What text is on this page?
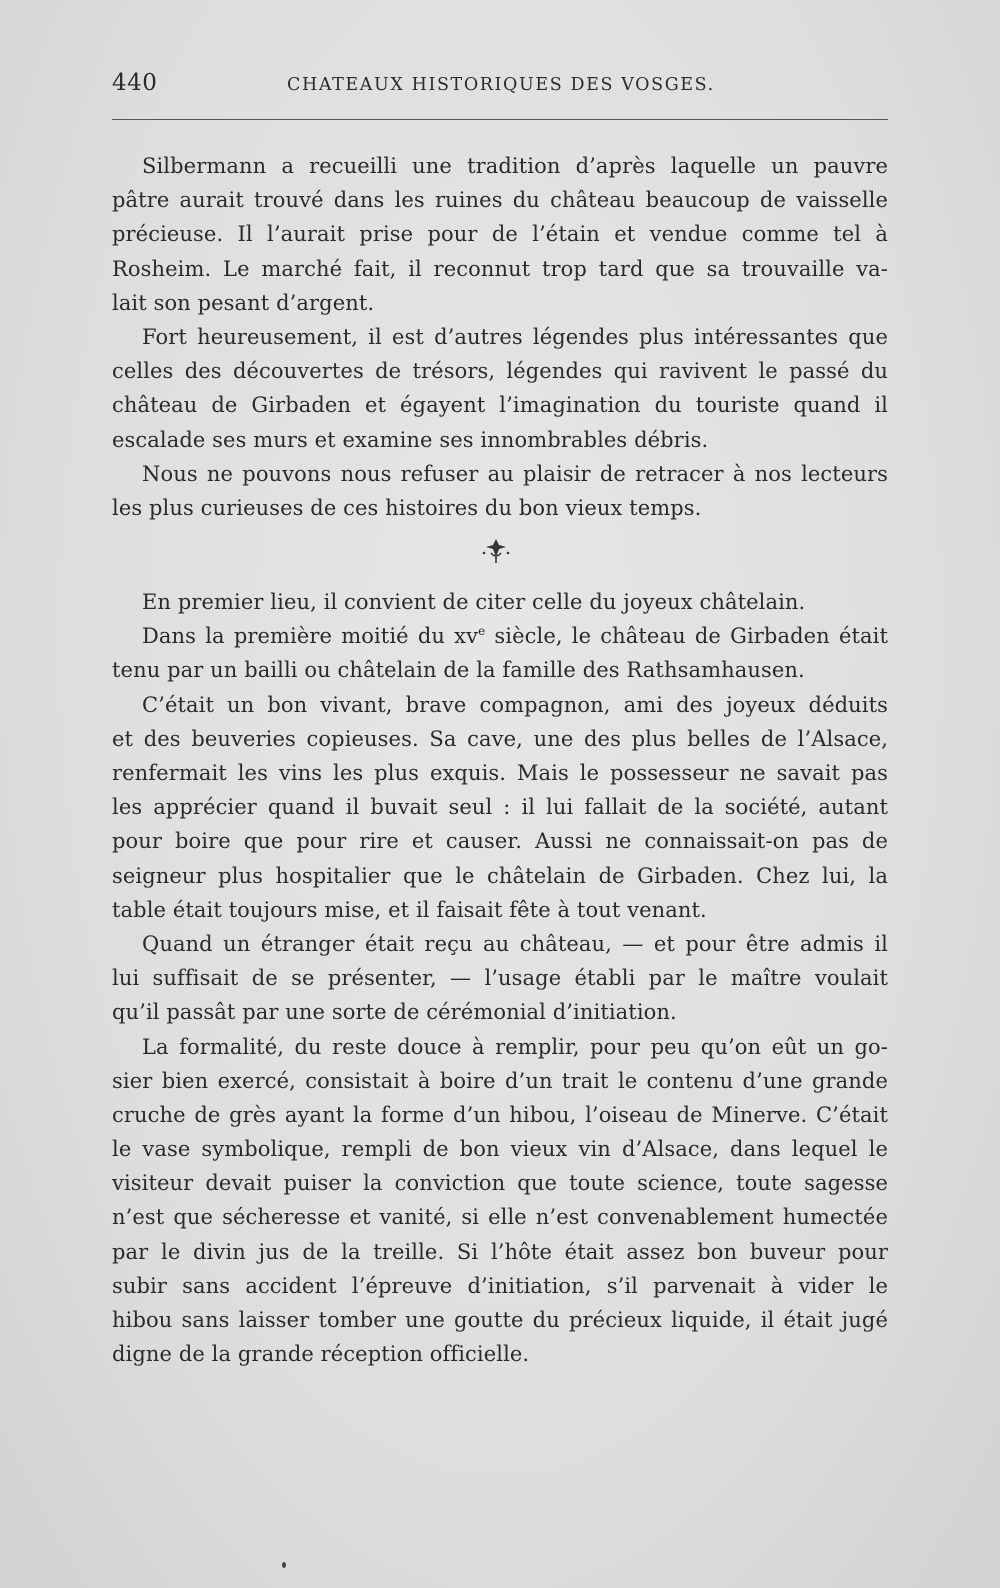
440	CHATEAUX HISTORIQUES DES VOSGES.
Silbermann a recueilli une tradition d’après laquelle un pauvre
pâtre aurait trouvé dans les ruines du château beaucoup de vaisselle
précieuse. Il l’aurait prise pour de l’étain et vendue comme tel à
Rosheim. Le marché fait, il reconnut trop tard que sa trouvaille va-
lait son pesant d’argent.
Fort heureusement, il est d’autres légendes plus intéressantes que
celles des découvertes de trésors, légendes qui ravivent le passé du
château de Girbaden et égayent l’imagination du touriste quand il
escalade ses murs et examine ses innombrables débris.
Nous ne pouvons nous refuser au plaisir de retracer à nos lecteurs
les plus curieuses de ces histoires du bon vieux temps.
En premier lieu, il convient de citer celle du joyeux châtelain.
Dans la première moitié du $xv^e$ siècle, le château de Girbaden était
tenu par un bailli ou châtelain de la famille des Rathsamhausen.
C’était un bon vivant, brave compagnon, ami des joyeux déduits
et des beuveries copieuses. Sa cave, une des plus belles de l’Alsace,
renfermait les vins les plus exquis. Mais le possesseur ne savait pas
les apprécier quand il buvait seul : il lui fallait de la société, autant
pour boire que pour rire et causer. Aussi ne connaissait-on pas de
seigneur plus hospitalier que le châtelain de Girbaden. Chez lui, la
table était toujours mise, et il faisait fête à tout venant.
Quand un étranger était reçu au château, — et pour être admis il
lui suffisait de se présenter, — l’usage établi par le maître voulait
qu’il passât par une sorte de cérémonial d’initiation.
La formalité, du reste douce à remplir, pour peu qu’on eût un go-
sier bien exercé, consistait à boire d’un trait le contenu d’une grande
cruche de grès ayant la forme d’un hibou, l’oiseau de Minerve. C’était
le vase symbolique, rempli de bon vieux vin d’Alsace, dans lequel le
visiteur devait puiser la conviction que toute science, toute sagesse
n’est que sécheresse et vanité, si elle n’est convenablement humectée
par le divin jus de la treille. Si l’hôte était assez bon buveur pour
subir sans accident l’épreuve d’initiation, s’il parvenait à vider le
hibou sans laisser tomber une goutte du précieux liquide, il était jugé
digne de la grande réception officielle.
